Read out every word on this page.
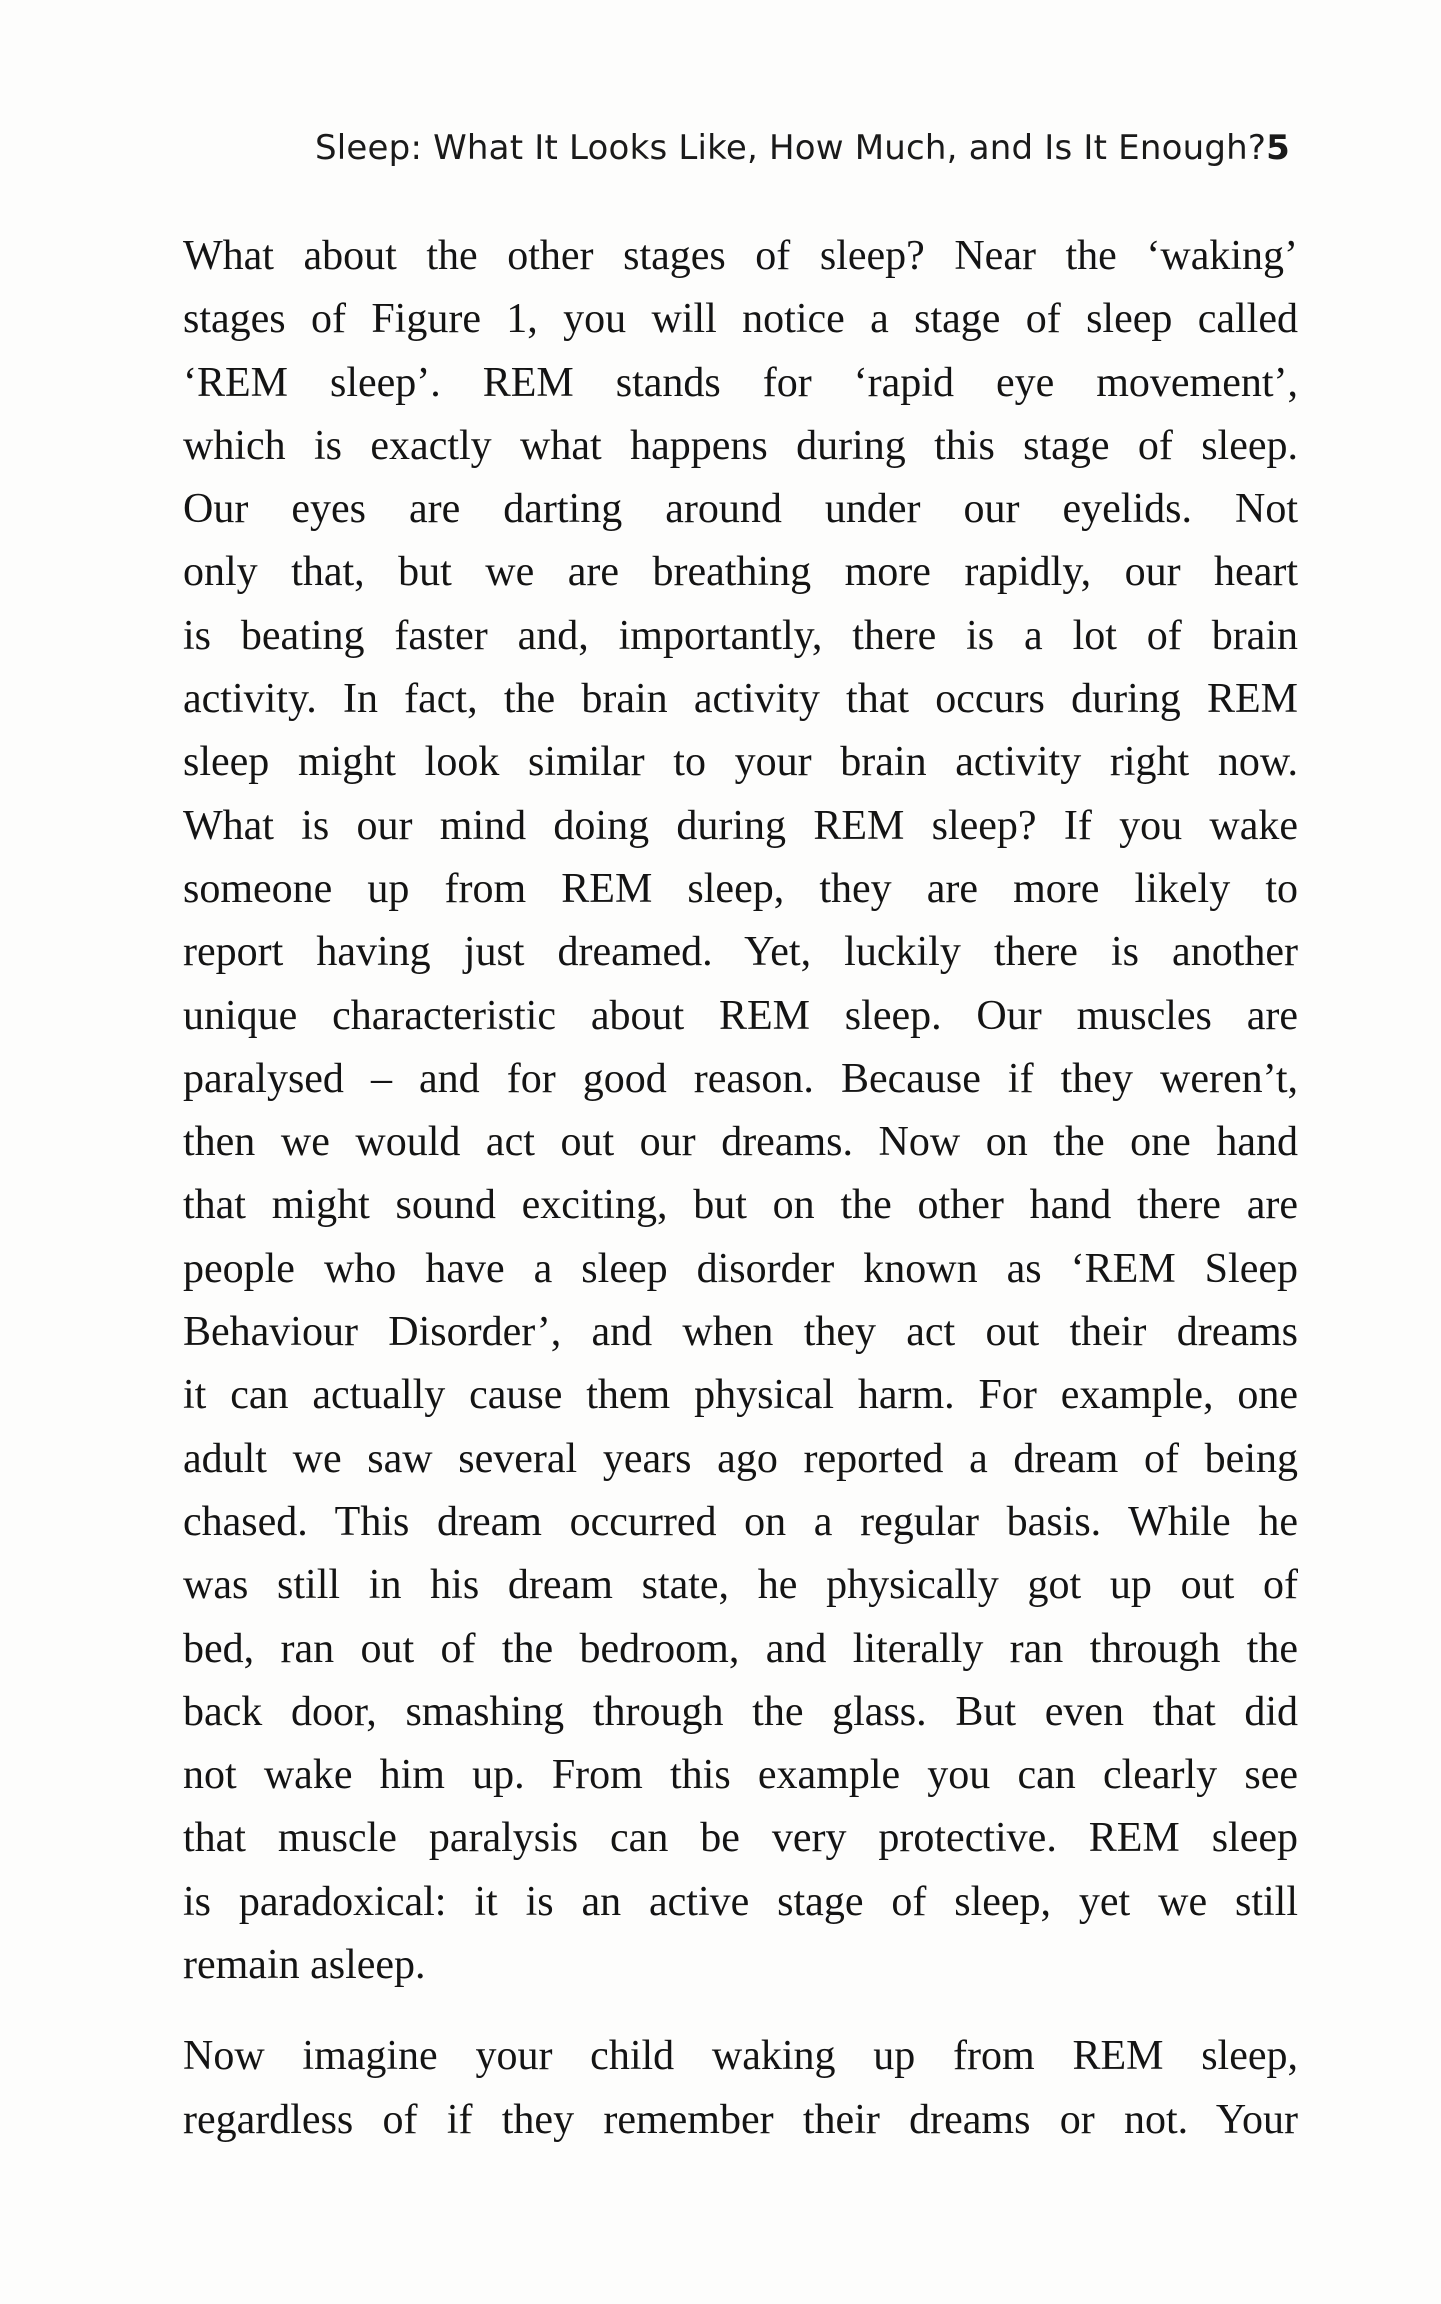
Sleep: What It Looks Like, How Much, and Is It Enough? 5
What about the other stages of sleep? Near the ‘waking’
stages of Figure 1, you will notice a stage of sleep called
‘REM sleep’. REM stands for ‘rapid eye movement’,
which is exactly what happens during this stage of sleep.
Our eyes are darting around under our eyelids. Not
only that, but we are breathing more rapidly, our heart
is beating faster and, importantly, there is a lot of brain
activity. In fact, the brain activity that occurs during REM
sleep might look similar to your brain activity right now.
What is our mind doing during REM sleep? If you wake
someone up from REM sleep, they are more likely to
report having just dreamed. Yet, luckily there is another
unique characteristic about REM sleep. Our muscles are
paralysed – and for good reason. Because if they weren’t,
then we would act out our dreams. Now on the one hand
that might sound exciting, but on the other hand there are
people who have a sleep disorder known as ‘REM Sleep
Behaviour Disorder’, and when they act out their dreams
it can actually cause them physical harm. For example, one
adult we saw several years ago reported a dream of being
chased. This dream occurred on a regular basis. While he
was still in his dream state, he physically got up out of
bed, ran out of the bedroom, and literally ran through the
back door, smashing through the glass. But even that did
not wake him up. From this example you can clearly see
that muscle paralysis can be very protective. REM sleep
is paradoxical: it is an active stage of sleep, yet we still
remain asleep.
Now imagine your child waking up from REM sleep,
regardless of if they remember their dreams or not. Your
